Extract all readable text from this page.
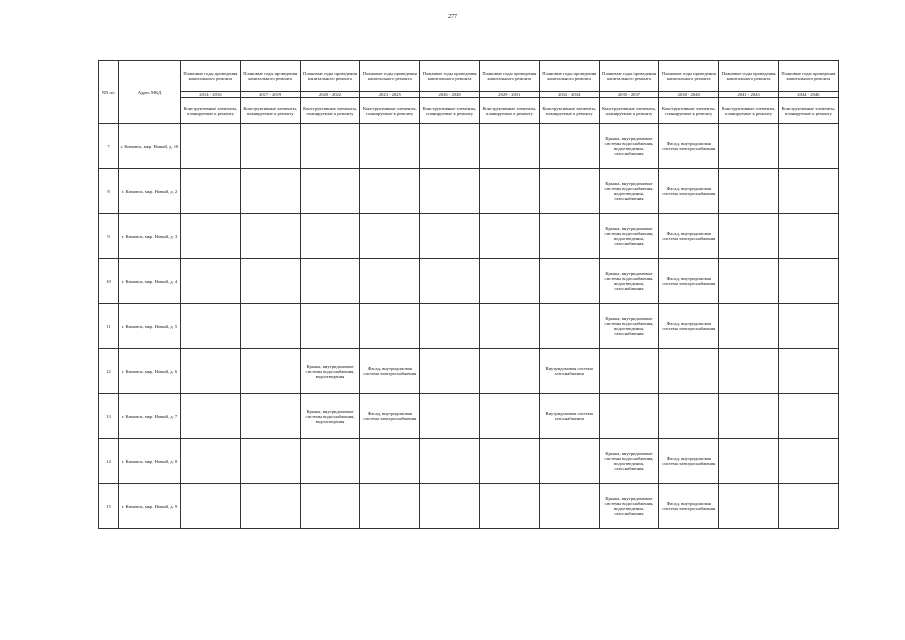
277
NN п/с	Адрес МКД	Плановые годы проведения капитального ремонта	Плановые годы проведения капитального ремонта	Плановые годы проведения капитального ремонта	Плановые годы проведения капитального ремонта	Плановые годы проведения капитального ремонта	Плановые годы проведения капитального ремонта	Плановые годы проведения капитального ремонта	Плановые годы проведения капитального ремонта	Плановые годы проведения капитального ремонта	Плановые годы проведения капитального ремонта	Плановые годы проведения капитального ремонта
		2014 - 2016	2017 - 2019	2020 - 2022	2023 - 2025	2026 - 2028	2029 - 2031	2032 - 2034	2035 - 2037	2038 - 2040	2041 - 2043	2044 - 2046
		Конструктивные элементы, планируемые к ремонту	Конструктивные элементы, планируемые к ремонту	Конструктивные элементы, планируемые к ремонту	Конструктивные элементы, планируемые к ремонту	Конструктивные элементы, планируемые к ремонту	Конструктивные элементы, планируемые к ремонту	Конструктивные элементы, планируемые к ремонту	Конструктивные элементы, планируемые к ремонту	Конструктивные элементы, планируемые к ремонту	Конструктивные элементы, планируемые к ремонту	Конструктивные элементы, планируемые к ремонту
7	г. Кимовск, мкр. Новый, д. 10								Крыша, внутридомовые системы водоснабжения, водоотведения, газоснабжения	Фасад, внутридомовая система электроснабжения		
8	г. Кимовск, мкр. Новый, д. 2								Крыша, внутридомовые системы водоснабжения, водоотведения, газоснабжения	Фасад, внутридомовая система электроснабжения		
9	г. Кимовск, мкр. Новый, д. 3								Крыша, внутридомовые системы водоснабжения, водоотведения, газоснабжения	Фасад, внутридомовая система электроснабжения		
10	г. Кимовск, мкр. Новый, д. 4								Крыша, внутридомовые системы водоснабжения, водоотведения, газоснабжения	Фасад, внутридомовая система электроснабжения		
11	г. Кимовск, мкр. Новый, д. 5								Крыша, внутридомовые системы водоснабжения, водоотведения, газоснабжения	Фасад, внутридомовая система электроснабжения		
12	г. Кимовск, мкр. Новый, д. 6			Крыша, внутридомовые системы водоснабжения, водоотведения	Фасад, внутридомовая система электроснабжения			Внутридомовая система газоснабжения				
13	г. Кимовск, мкр. Новый, д. 7			Крыша, внутридомовые системы водоснабжения, водоотведения	Фасад, внутридомовая система электроснабжения			Внутридомовая система газоснабжения				
14	г. Кимовск, мкр. Новый, д. 8								Крыша, внутридомовые системы водоснабжения, водоотведения, газоснабжения	Фасад, внутридомовая система электроснабжения		
15	г. Кимовск, мкр. Новый, д. 9								Крыша, внутридомовые системы водоснабжения, водоотведения, газоснабжения	Фасад, внутридомовая система электроснабжения		
